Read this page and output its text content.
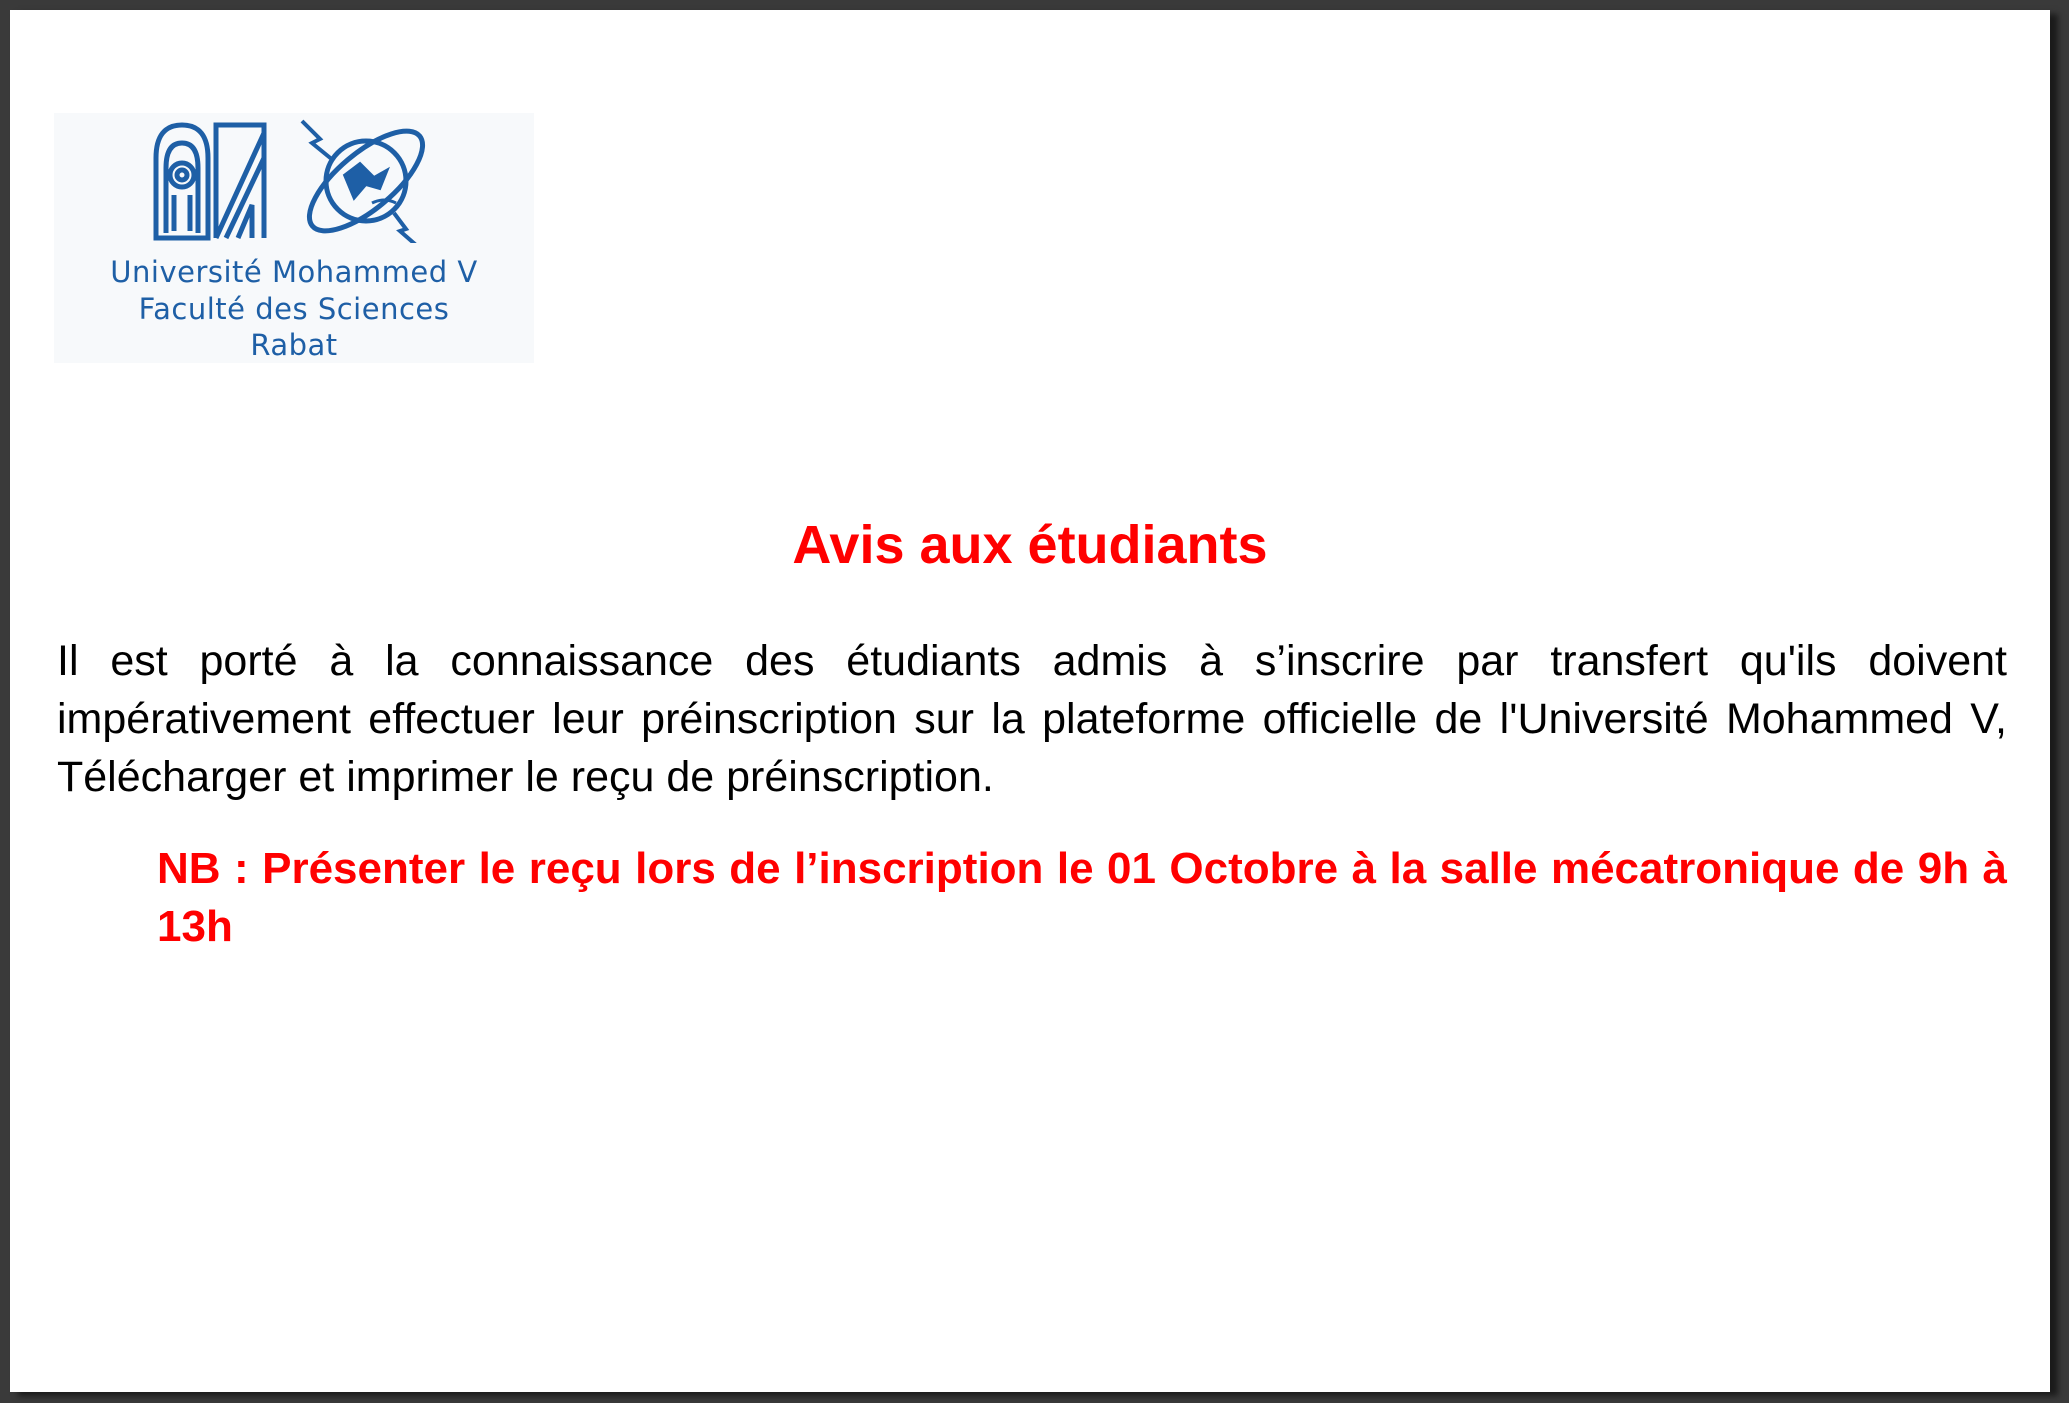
Université Mohammed V
Faculté des Sciences
Rabat
Avis aux étudiants

Il est porté à la connaissance des étudiants admis à s’inscrire par transfert qu'ils doivent impérativement effectuer leur préinscription sur la plateforme officielle de l'Université Mohammed V, Télécharger et imprimer le reçu de préinscription.

NB : Présenter le reçu lors de l’inscription le 01 Octobre à la salle mécatronique de 9h à 13h
